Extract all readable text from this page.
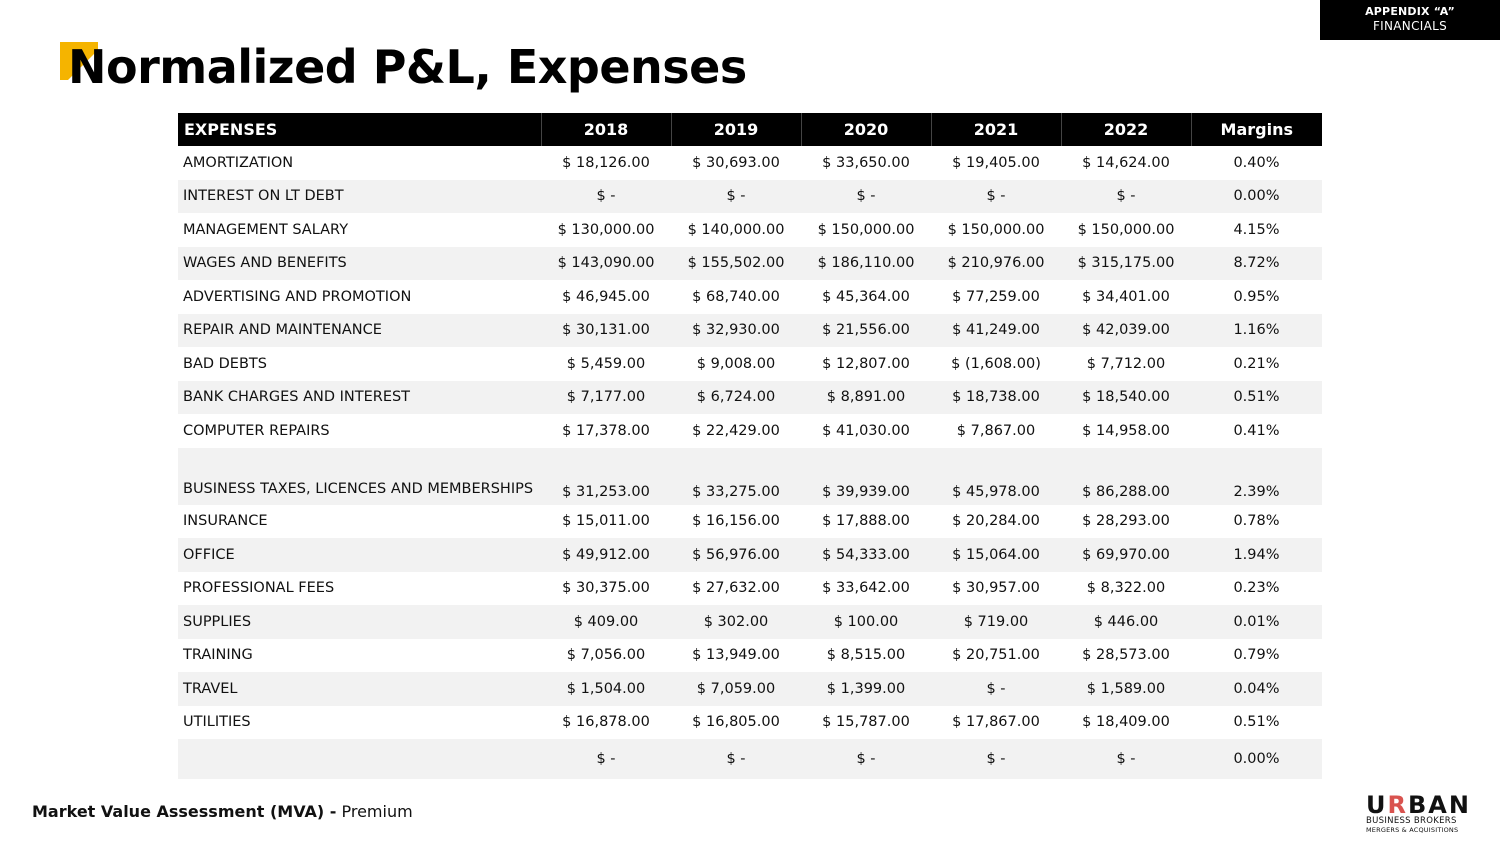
APPENDIX “A”
FINANCIALS
Normalized P&L, Expenses
EXPENSES	2018	2019	2020	2021	2022	Margins
AMORTIZATION	$ 18,126.00	$ 30,693.00	$ 33,650.00	$ 19,405.00	$ 14,624.00	0.40%
INTEREST ON LT DEBT	$ -	$ -	$ -	$ -	$ -	0.00%
MANAGEMENT SALARY	$ 130,000.00	$ 140,000.00	$ 150,000.00	$ 150,000.00	$ 150,000.00	4.15%
WAGES AND BENEFITS	$ 143,090.00	$ 155,502.00	$ 186,110.00	$ 210,976.00	$ 315,175.00	8.72%
ADVERTISING AND PROMOTION	$ 46,945.00	$ 68,740.00	$ 45,364.00	$ 77,259.00	$ 34,401.00	0.95%
REPAIR AND MAINTENANCE	$ 30,131.00	$ 32,930.00	$ 21,556.00	$ 41,249.00	$ 42,039.00	1.16%
BAD DEBTS	$ 5,459.00	$ 9,008.00	$ 12,807.00	$ (1,608.00)	$ 7,712.00	0.21%
BANK CHARGES AND INTEREST	$ 7,177.00	$ 6,724.00	$ 8,891.00	$ 18,738.00	$ 18,540.00	0.51%
COMPUTER REPAIRS	$ 17,378.00	$ 22,429.00	$ 41,030.00	$ 7,867.00	$ 14,958.00	0.41%
BUSINESS TAXES, LICENCES AND MEMBERSHIPS	$ 31,253.00	$ 33,275.00	$ 39,939.00	$ 45,978.00	$ 86,288.00	2.39%
INSURANCE	$ 15,011.00	$ 16,156.00	$ 17,888.00	$ 20,284.00	$ 28,293.00	0.78%
OFFICE	$ 49,912.00	$ 56,976.00	$ 54,333.00	$ 15,064.00	$ 69,970.00	1.94%
PROFESSIONAL FEES	$ 30,375.00	$ 27,632.00	$ 33,642.00	$ 30,957.00	$ 8,322.00	0.23%
SUPPLIES	$ 409.00	$ 302.00	$ 100.00	$ 719.00	$ 446.00	0.01%
TRAINING	$ 7,056.00	$ 13,949.00	$ 8,515.00	$ 20,751.00	$ 28,573.00	0.79%
TRAVEL	$ 1,504.00	$ 7,059.00	$ 1,399.00	$ -	$ 1,589.00	0.04%
UTILITIES	$ 16,878.00	$ 16,805.00	$ 15,787.00	$ 17,867.00	$ 18,409.00	0.51%
	$ -	$ -	$ -	$ -	$ -	0.00%
Market Value Assessment (MVA) - Premium	URBAN
BUSINESS BROKERS
MERGERS & ACQUISITIONS
